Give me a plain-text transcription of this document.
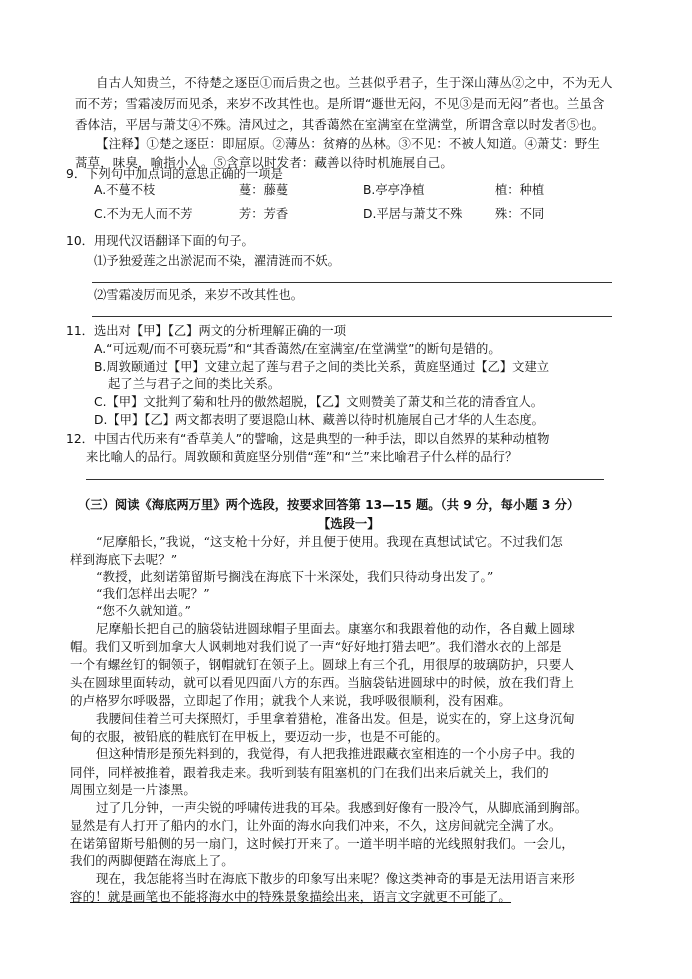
自古人知贵兰，不待楚之逐臣①而后贵之也。兰甚似乎君子，生于深山薄丛②之中，不为无人
而不芳；雪霜凌厉而见杀，来岁不改其性也。是所谓“遯世无闷，不见③是而无闷”者也。兰虽含
香体洁，平居与萧艾④不殊。清风过之，其香蔼然在室满室在堂满堂，所谓含章以时发者⑤也。
【注释】①楚之逐臣：即屈原。②薄丛：贫瘠的丛林。③不见：不被人知道。④萧艾：野生
蒿草，味臭，喻指小人。⑤含章以时发者：藏善以待时机施展自己。
9．下列句中加点词的意思正确的一项是
A.不蔓不枝	蔓：藤蔓	B.亭亭净植	植：种植
C.不为无人而不芳	芳：芳香	D.平居与萧艾不殊	殊：不同
10．用现代汉语翻译下面的句子。
⑴予独爱莲之出淤泥而不染，濯清涟而不妖。
⑵雪霜凌厉而见杀，来岁不改其性也。
11．选出对【甲】【乙】两文的分析理解正确的一项
A.“可远观/而不可亵玩焉”和“其香蔼然/在室满室/在堂满堂”的断句是错的。
B.周敦颐通过【甲】文建立起了莲与君子之间的类比关系，黄庭坚通过【乙】文建立
起了兰与君子之间的类比关系。
C.【甲】文批判了菊和牡丹的傲然超脱，【乙】文则赞美了萧艾和兰花的清香宜人。
D.【甲】【乙】两文都表明了要退隐山林、藏善以待时机施展自己才华的人生态度。
12．中国古代历来有“香草美人”的譬喻，这是典型的一种手法，即以自然界的某种动植物
来比喻人的品行。周敦颐和黄庭坚分别借“莲”和“兰”来比喻君子什么样的品行？
（三）阅读《海底两万里》两个选段，按要求回答第 13—15 题。（共 9 分，每小题 3 分）
【选段一】
“尼摩船长，”我说，“这支枪十分好，并且便于使用。我现在真想试试它。不过我们怎
样到海底下去呢？”
“教授，此刻诺第留斯号搁浅在海底下十米深处，我们只待动身出发了。”
“我们怎样出去呢？”
“您不久就知道。”
尼摩船长把自己的脑袋钻进圆球帽子里面去。康塞尔和我跟着他的动作，各自戴上圆球
帽。我们又听到加拿大人讽刺地对我们说了一声“好好地打猎去吧”。我们潜水衣的上部是
一个有螺丝钉的铜领子，钢帽就钉在领子上。圆球上有三个孔，用很厚的玻璃防护，只要人
头在圆球里面转动，就可以看见四面八方的东西。当脑袋钻进圆球中的时候，放在我们背上
的卢格罗尔呼吸器，立即起了作用；就我个人来说，我呼吸很顺利，没有困难。
我腰间佳着兰可夫探照灯，手里拿着猎枪，准备出发。但是，说实在的，穿上这身沉甸
甸的衣服，被铅底的鞋底钉在甲板上，要迈动一步，也是不可能的。
但这种情形是预先料到的，我觉得，有人把我推进跟藏衣室相连的一个小房子中。我的
同伴，同样被推着，跟着我走来。我听到装有阻塞机的门在我们出来后就关上，我们的
周围立刻是一片漆黑。
过了几分钟，一声尖锐的呼啸传进我的耳朵。我感到好像有一股冷气，从脚底涌到胸部。
显然是有人打开了船内的水门，让外面的海水向我们冲来，不久，这房间就完全满了水。
在诺第留斯号船侧的另一扇门，这时候打开来了。一道半明半暗的光线照射我们。一会儿，
我们的两脚便踏在海底上了。
现在，我怎能将当时在海底下散步的印象写出来呢？像这类神奇的事是无法用语言来形
容的！就是画笔也不能将海水中的特殊景象描绘出来，语言文字就更不可能了。
